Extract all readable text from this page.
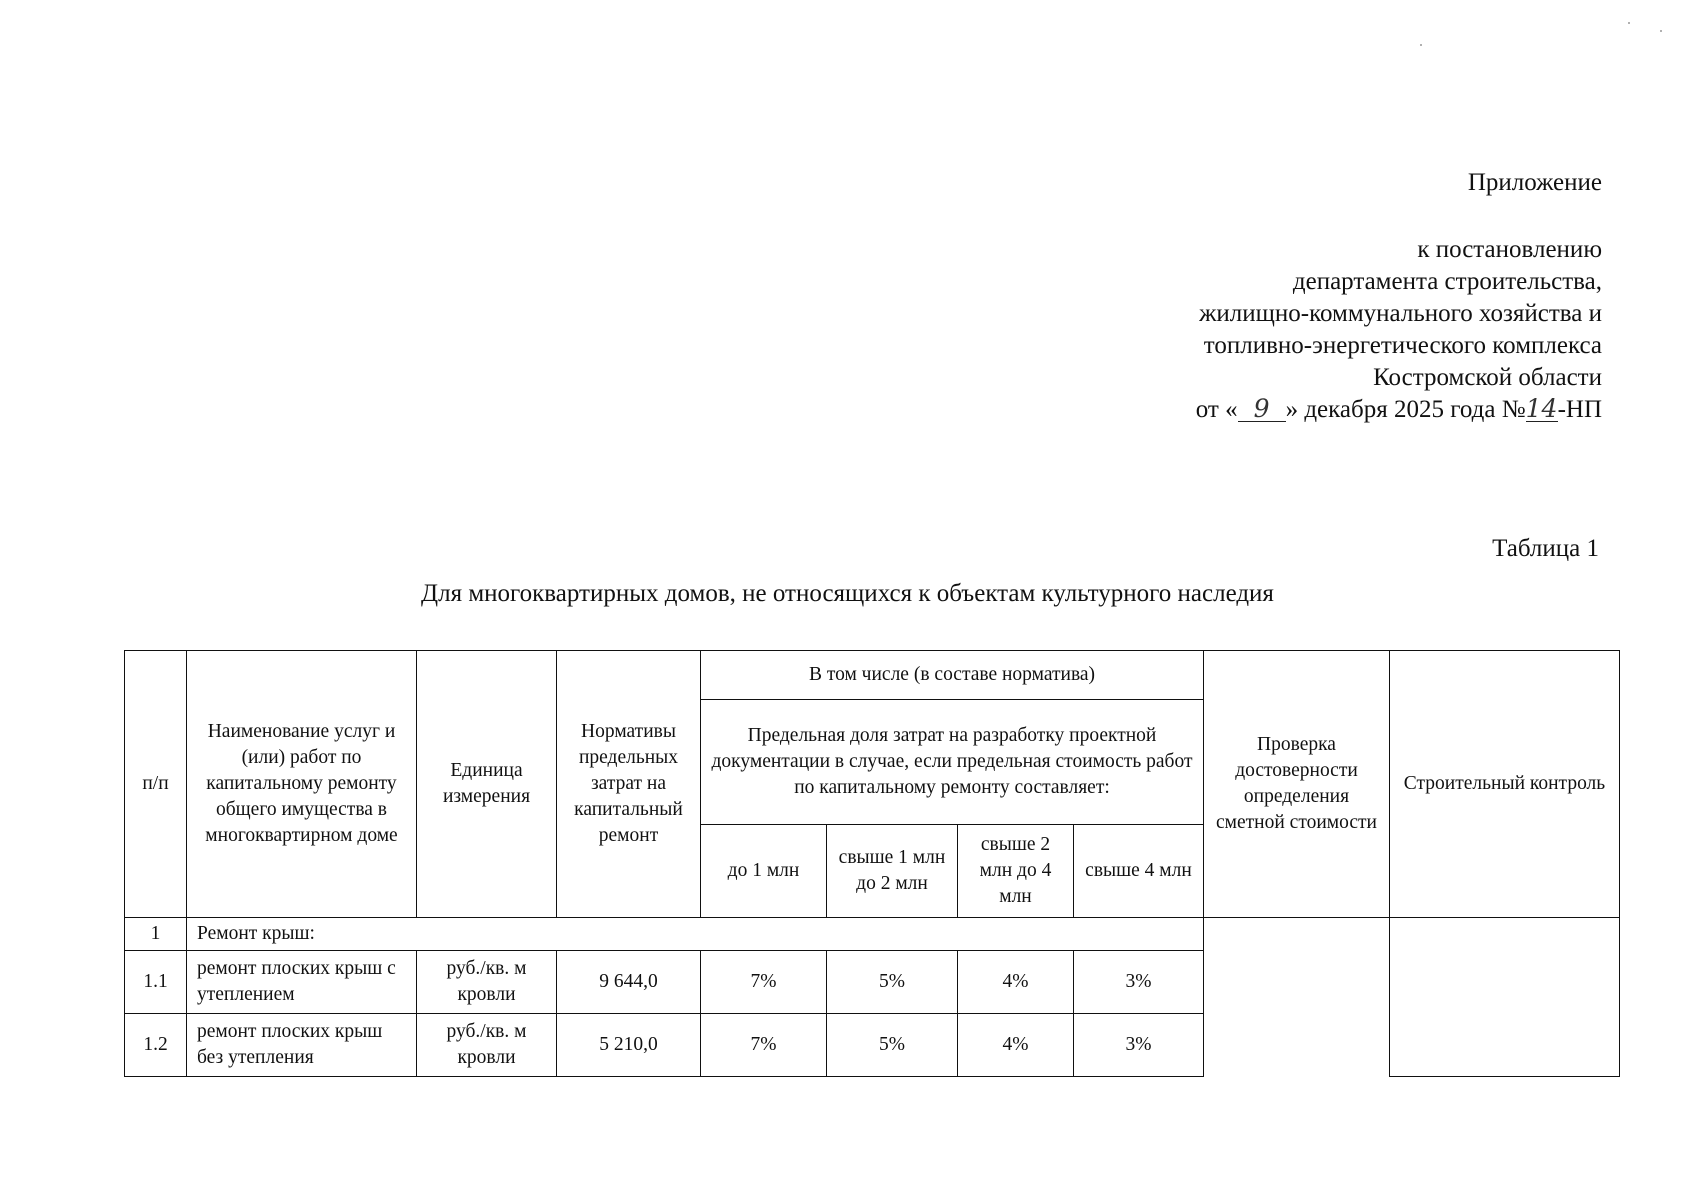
Приложение

к постановлению
департамента строительства,
жилищно-коммунального хозяйства и
топливно-энергетического комплекса
Костромской области
от « 9 » декабря 2025 года №14-НП

Таблица 1

Для многоквартирных домов, не относящихся к объектам культурного наследия
п/п	Наименование услуг и (или) работ по капитальному ремонту общего имущества в многоквартирном доме	Единица измерения	Нормативы предельных затрат на капитальный ремонт	В том числе (в составе норматива)				Проверка достоверности определения сметной стоимости	Строительный контроль
				Предельная доля затрат на разработку проектной документации в случае, если предельная стоимость работ по капитальному ремонту составляет:					
				до 1 млн	свыше 1 млн до 2 млн	свыше 2 млн до 4 млн	свыше 4 млн		
1	Ремонт крыш:								
1.1	ремонт плоских крыш с утеплением	руб./кв. м кровли	9 644,0	7%	5%	4%	3%		
1.2	ремонт плоских крыш без утепления	руб./кв. м кровли	5 210,0	7%	5%	4%	3%		
